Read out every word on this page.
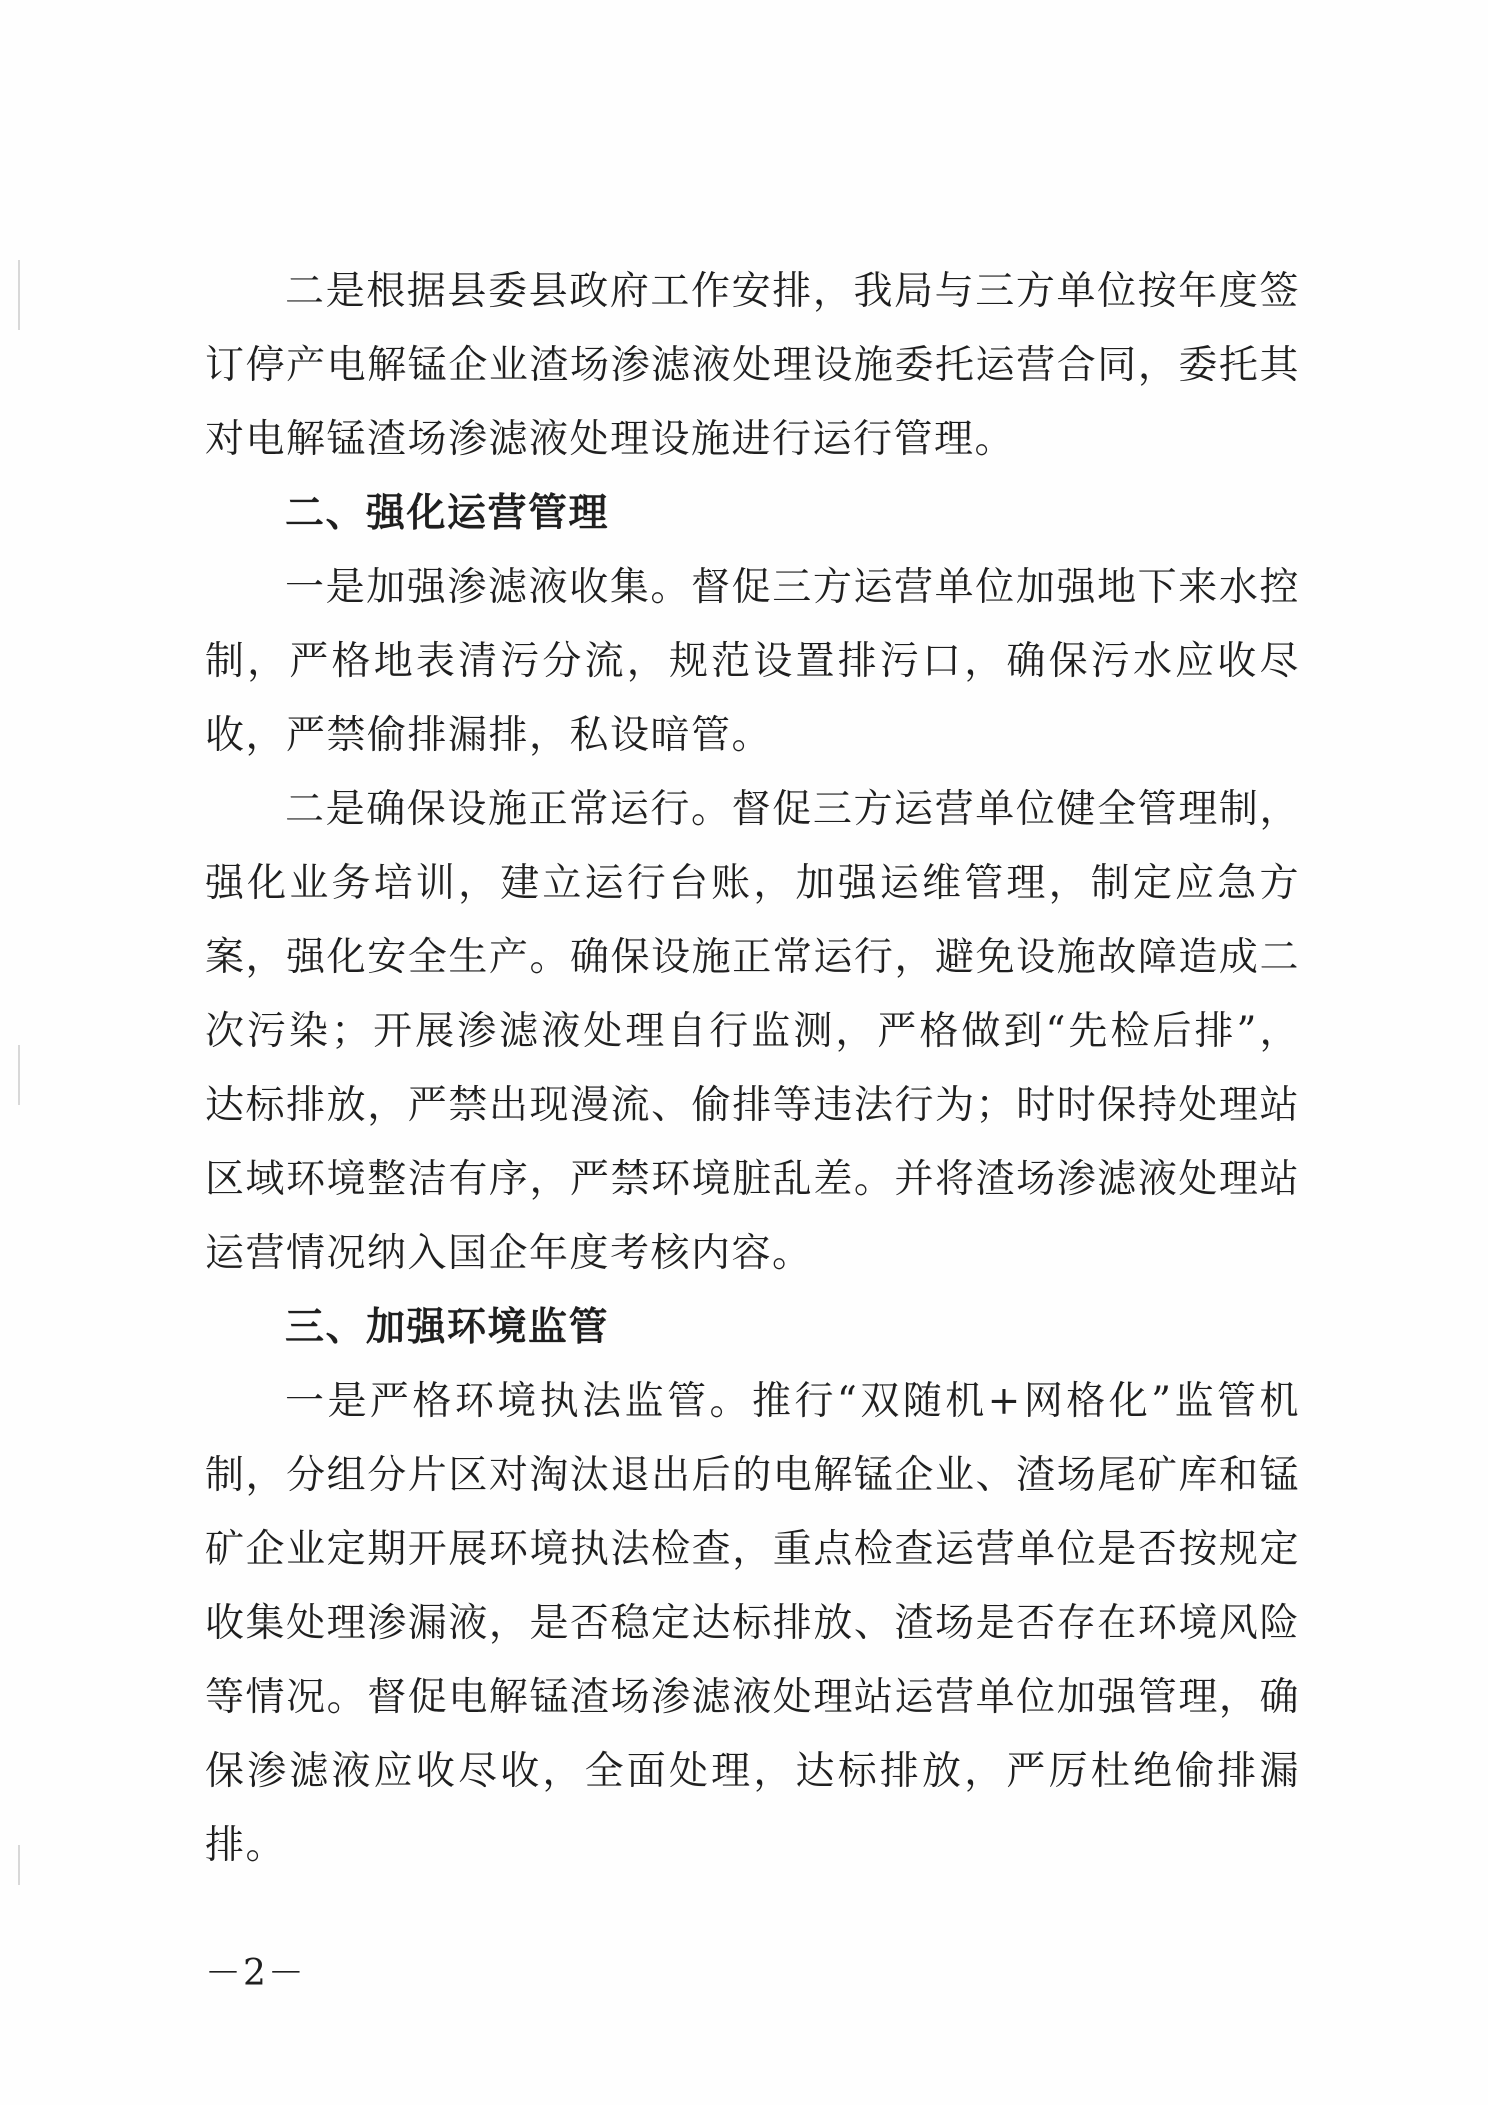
二是根据县委县政府工作安排，我局与三方单位按年度签订停产电解锰企业渣场渗滤液处理设施委托运营合同，委托其对电解锰渣场渗滤液处理设施进行运行管理。

二、强化运营管理

一是加强渗滤液收集。督促三方运营单位加强地下来水控制，严格地表清污分流，规范设置排污口，确保污水应收尽收，严禁偷排漏排，私设暗管。

二是确保设施正常运行。督促三方运营单位健全管理制，强化业务培训，建立运行台账，加强运维管理，制定应急方案，强化安全生产。确保设施正常运行，避免设施故障造成二次污染；开展渗滤液处理自行监测，严格做到“先检后排”，达标排放，严禁出现漫流、偷排等违法行为；时时保持处理站区域环境整洁有序，严禁环境脏乱差。并将渣场渗滤液处理站运营情况纳入国企年度考核内容。

三、加强环境监管

一是严格环境执法监管。推行“双随机+网格化”监管机制，分组分片区对淘汰退出后的电解锰企业、渣场尾矿库和锰矿企业定期开展环境执法检查，重点检查运营单位是否按规定收集处理渗漏液，是否稳定达标排放、渣场是否存在环境风险等情况。督促电解锰渣场渗滤液处理站运营单位加强管理，确保渗滤液应收尽收，全面处理，达标排放，严厉杜绝偷排漏排。

－2－
